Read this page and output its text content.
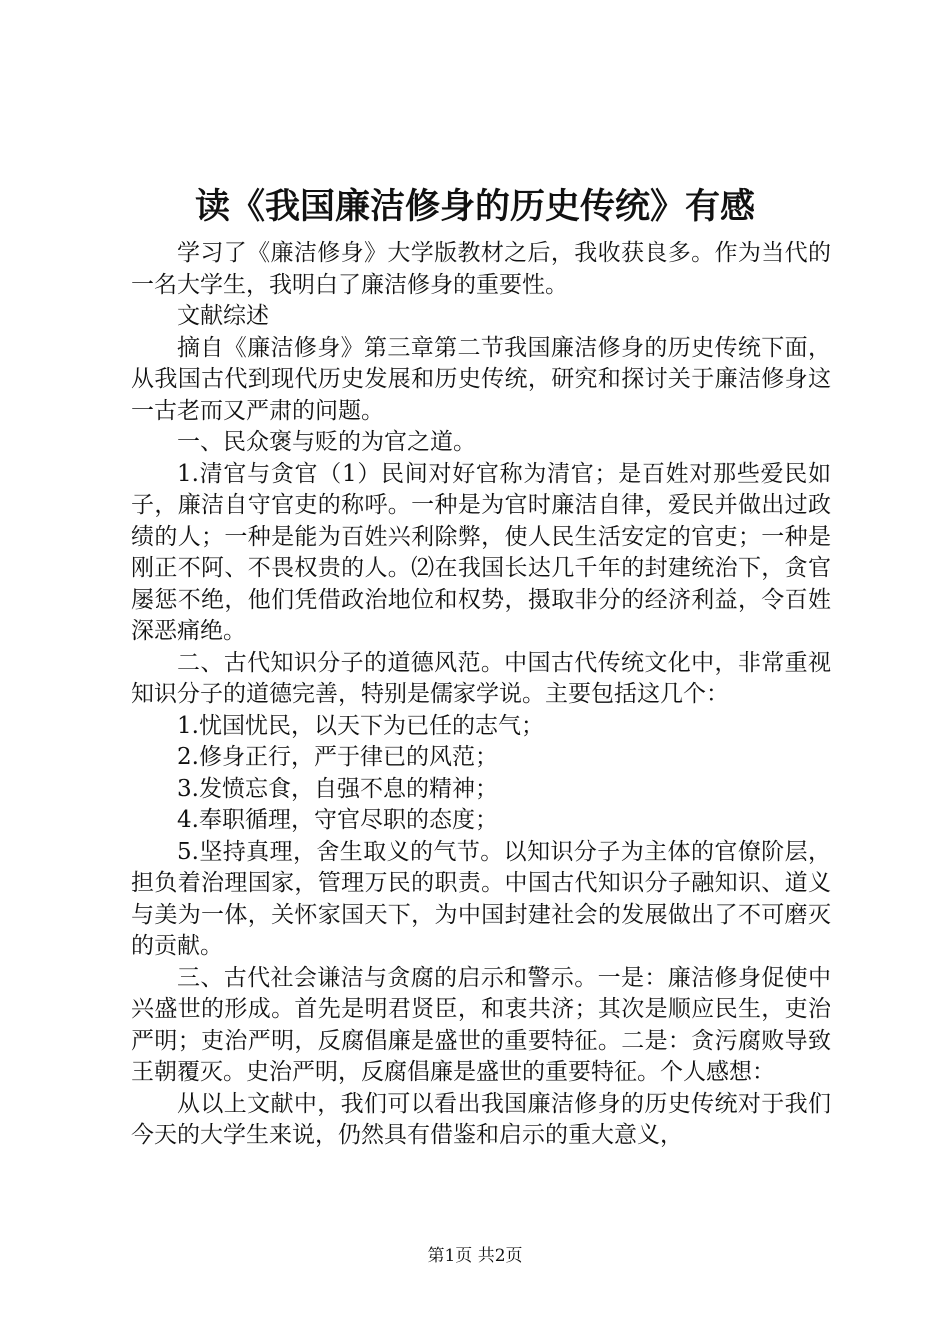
读《我国廉洁修身的历史传统》有感

学习了《廉洁修身》大学版教材之后，我收获良多。作为当代的一名大学生，我明白了廉洁修身的重要性。

文献综述

摘自《廉洁修身》第三章第二节我国廉洁修身的历史传统下面，从我国古代到现代历史发展和历史传统，研究和探讨关于廉洁修身这一古老而又严肃的问题。

一、民众褒与贬的为官之道。

1.清官与贪官（1）民间对好官称为清官；是百姓对那些爱民如子，廉洁自守官吏的称呼。一种是为官时廉洁自律，爱民并做出过政绩的人；一种是能为百姓兴利除弊，使人民生活安定的官吏；一种是刚正不阿、不畏权贵的人。⑵在我国长达几千年的封建统治下，贪官屡惩不绝，他们凭借政治地位和权势，摄取非分的经济利益，令百姓深恶痛绝。

二、古代知识分子的道德风范。中国古代传统文化中，非常重视知识分子的道德完善，特别是儒家学说。主要包括这几个：

1.忧国忧民，以天下为已任的志气；

2.修身正行，严于律已的风范；

3.发愤忘食，自强不息的精神；

4.奉职循理，守官尽职的态度；

5.坚持真理，舍生取义的气节。以知识分子为主体的官僚阶层，担负着治理国家，管理万民的职责。中国古代知识分子融知识、道义与美为一体，关怀家国天下，为中国封建社会的发展做出了不可磨灭的贡献。

三、古代社会谦洁与贪腐的启示和警示。一是：廉洁修身促使中兴盛世的形成。首先是明君贤臣，和衷共济；其次是顺应民生，吏治严明；吏治严明，反腐倡廉是盛世的重要特征。二是：贪污腐败导致王朝覆灭。史治严明，反腐倡廉是盛世的重要特征。个人感想：

从以上文献中，我们可以看出我国廉洁修身的历史传统对于我们今天的大学生来说，仍然具有借鉴和启示的重大意义，

第1页 共2页
